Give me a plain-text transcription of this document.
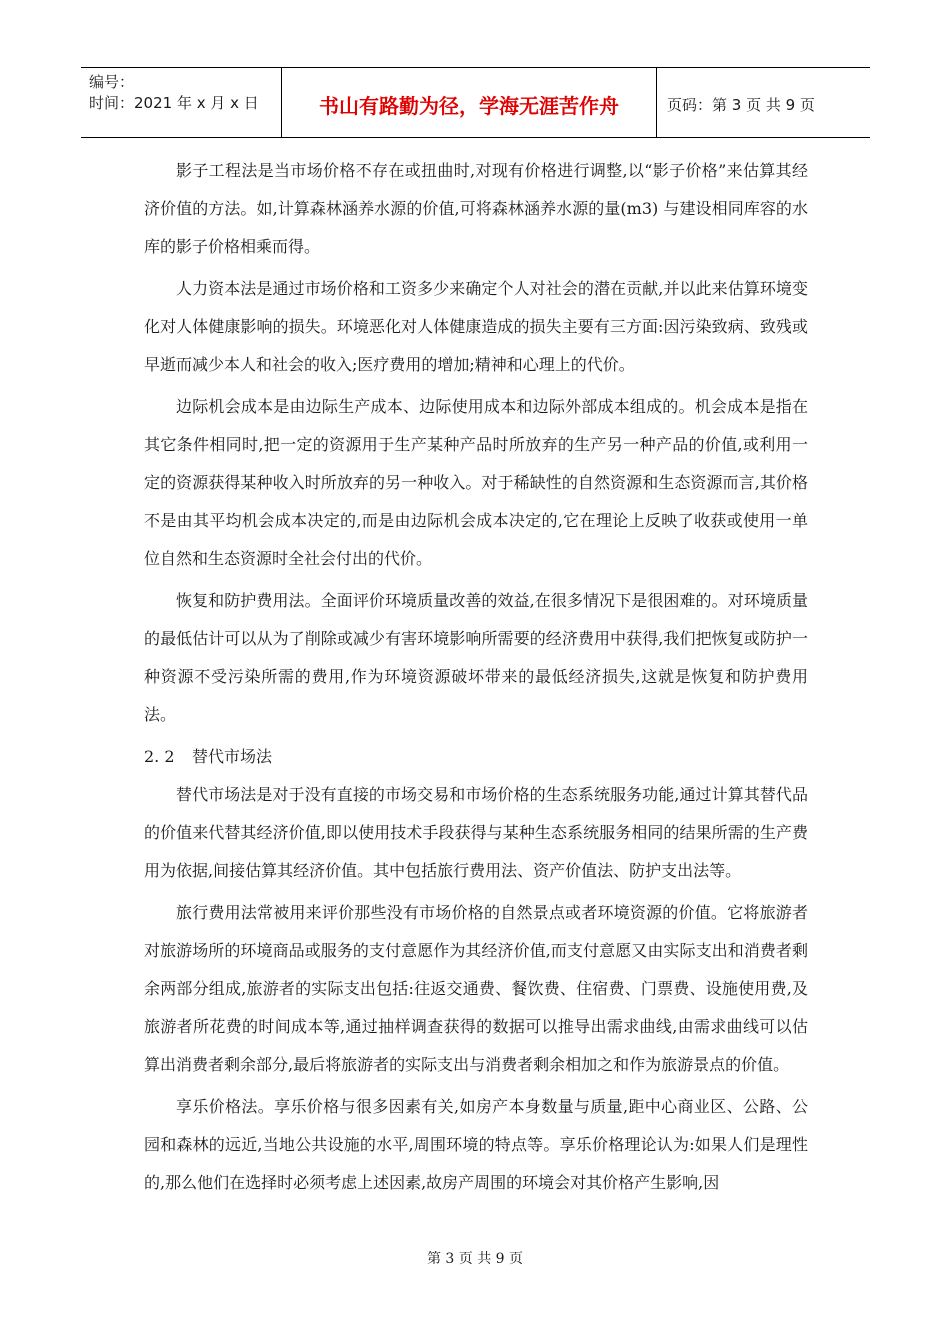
编号：
时间：2021 年 x 月 x 日	书山有路勤为径，学海无涯苦作舟	页码：第 3 页 共 9 页

影子工程法是当市场价格不存在或扭曲时,对现有价格进行调整,以“影子价格”来估算其经济价值的方法。如,计算森林涵养水源的价值,可将森林涵养水源的量(m3) 与建设相同库容的水库的影子价格相乘而得。

人力资本法是通过市场价格和工资多少来确定个人对社会的潜在贡献,并以此来估算环境变化对人体健康影响的损失。环境恶化对人体健康造成的损失主要有三方面:因污染致病、致残或早逝而减少本人和社会的收入;医疗费用的增加;精神和心理上的代价。

边际机会成本是由边际生产成本、边际使用成本和边际外部成本组成的。机会成本是指在其它条件相同时,把一定的资源用于生产某种产品时所放弃的生产另一种产品的价值,或利用一定的资源获得某种收入时所放弃的另一种收入。对于稀缺性的自然资源和生态资源而言,其价格不是由其平均机会成本决定的,而是由边际机会成本决定的,它在理论上反映了收获或使用一单位自然和生态资源时全社会付出的代价。

恢复和防护费用法。全面评价环境质量改善的效益,在很多情况下是很困难的。对环境质量的最低估计可以从为了削除或减少有害环境影响所需要的经济费用中获得,我们把恢复或防护一种资源不受污染所需的费用,作为环境资源破坏带来的最低经济损失,这就是恢复和防护费用法。

2. 2 替代市场法

替代市场法是对于没有直接的市场交易和市场价格的生态系统服务功能,通过计算其替代品的价值来代替其经济价值,即以使用技术手段获得与某种生态系统服务相同的结果所需的生产费用为依据,间接估算其经济价值。其中包括旅行费用法、资产价值法、防护支出法等。

旅行费用法常被用来评价那些没有市场价格的自然景点或者环境资源的价值。它将旅游者对旅游场所的环境商品或服务的支付意愿作为其经济价值,而支付意愿又由实际支出和消费者剩余两部分组成,旅游者的实际支出包括:往返交通费、餐饮费、住宿费、门票费、设施使用费,及旅游者所花费的时间成本等,通过抽样调查获得的数据可以推导出需求曲线,由需求曲线可以估算出消费者剩余部分,最后将旅游者的实际支出与消费者剩余相加之和作为旅游景点的价值。

享乐价格法。享乐价格与很多因素有关,如房产本身数量与质量,距中心商业区、公路、公园和森林的远近,当地公共设施的水平,周围环境的特点等。享乐价格理论认为:如果人们是理性的,那么他们在选择时必须考虑上述因素,故房产周围的环境会对其价格产生影响,因

第 3 页 共 9 页
